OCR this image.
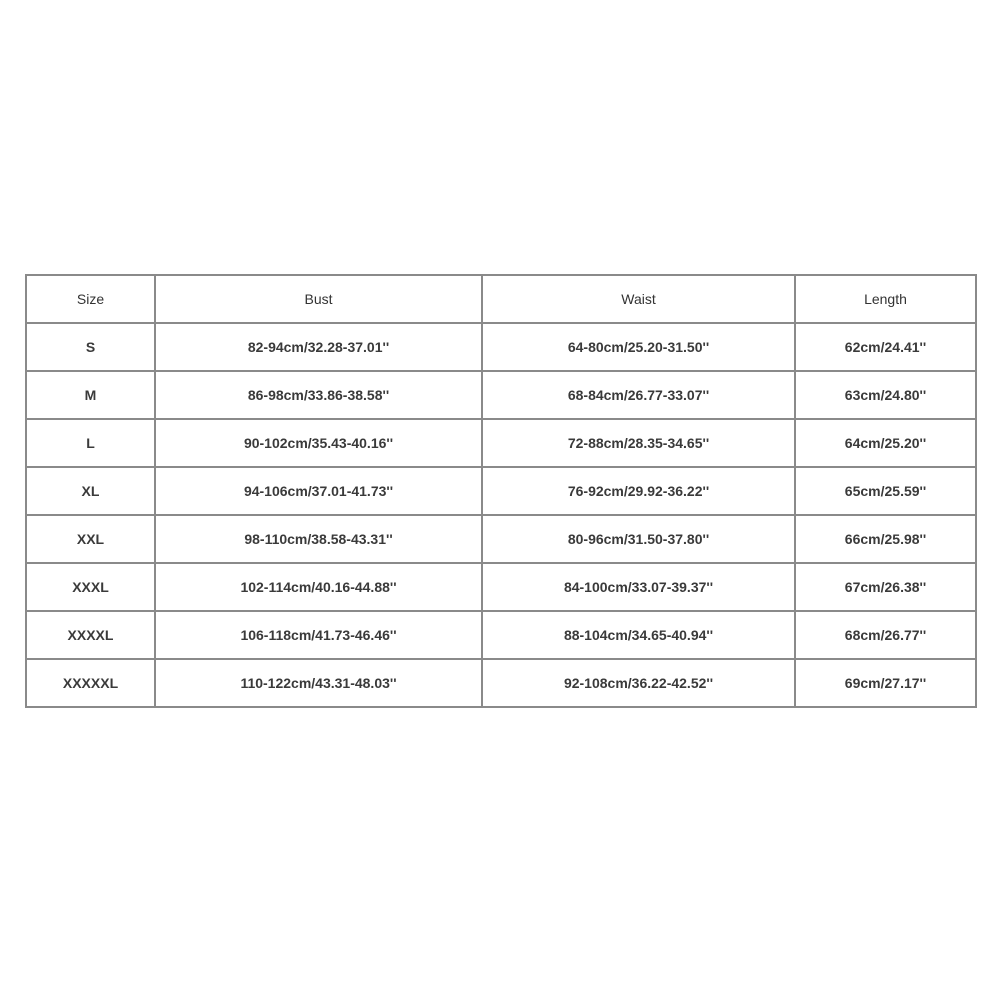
Size	Bust	Waist	Length
S	82-94cm/32.28-37.01''	64-80cm/25.20-31.50''	62cm/24.41''
M	86-98cm/33.86-38.58''	68-84cm/26.77-33.07''	63cm/24.80''
L	90-102cm/35.43-40.16''	72-88cm/28.35-34.65''	64cm/25.20''
XL	94-106cm/37.01-41.73''	76-92cm/29.92-36.22''	65cm/25.59''
XXL	98-110cm/38.58-43.31''	80-96cm/31.50-37.80''	66cm/25.98''
XXXL	102-114cm/40.16-44.88''	84-100cm/33.07-39.37''	67cm/26.38''
XXXXL	106-118cm/41.73-46.46''	88-104cm/34.65-40.94''	68cm/26.77''
XXXXXL	110-122cm/43.31-48.03''	92-108cm/36.22-42.52''	69cm/27.17''
